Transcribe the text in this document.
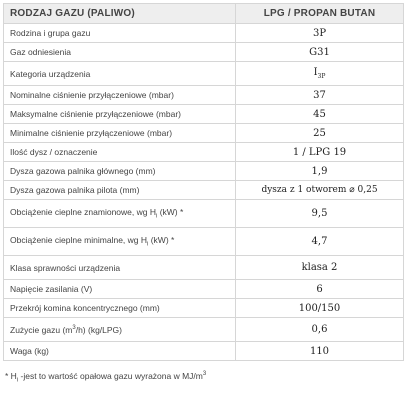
RODZAJ GAZU (PALIWO)	LPG / PROPAN BUTAN
Rodzina i grupa gazu	3P
Gaz odniesienia	G31
Kategoria urządzenia	$I_{3P}$
Nominalne ciśnienie przyłączeniowe (mbar)	37
Maksymalne ciśnienie przyłączeniowe (mbar)	45
Minimalne ciśnienie przyłączeniowe (mbar)	25
Ilość dysz / oznaczenie	1 / LPG 19
Dysza gazowa palnika głównego (mm)	1,9
Dysza gazowa palnika pilota (mm)	dysza z 1 otworem ⌀ 0,25
Obciążenie cieplne znamionowe, wg $H_i$ (kW) *	9,5
Obciążenie cieplne minimalne, wg $H_i$ (kW) *	4,7
Klasa sprawności urządzenia	klasa 2
Napięcie zasilania (V)	6
Przekrój komina koncentrycznego (mm)	100/150
Zużycie gazu $(m^3/h)$ (kg/LPG)	0,6
Waga (kg)	110
* $H_i$ -jest to wartość opałowa gazu wyrażona w $MJ/m^3$
